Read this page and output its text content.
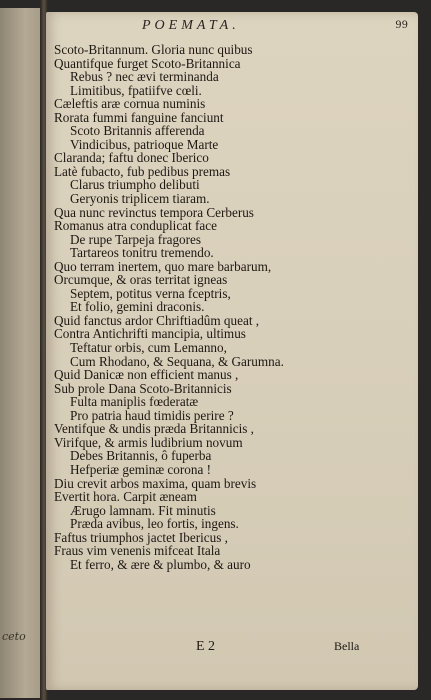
ceto
POEMATA.	99
Scoto-Britannum. Gloria nunc quibus
Quantifque furget Scoto-Britannica
Rebus ? nec ævi terminanda
Limitibus, fpatiifve cœli.
Cæleftis aræ cornua numinis
Rorata fummi fanguine fanciunt
Scoto Britannis afferenda
Vindicibus, patrioque Marte
Claranda; faftu donec Iberico
Latè fubacto, fub pedibus premas
Clarus triumpho delibuti
Geryonis triplicem tiaram.
Qua nunc revinctus tempora Cerberus
Romanus atra conduplicat face
De rupe Tarpeja fragores
Tartareos tonitru tremendo.
Quo terram inertem, quo mare barbarum,
Orcumque, & oras territat igneas
Septem, potitus verna fceptris,
Et folio, gemini draconis.
Quid fanctus ardor Chriftiadûm queat ,
Contra Antichrifti mancipia, ultimus
Teftatur orbis, cum Lemanno,
Cum Rhodano, & Sequana, & Garumna.
Quid Danicæ non efficient manus ,
Sub prole Dana Scoto-Britannicis
Fulta maniplis fœderatæ
Pro patria haud timidis perire ?
Ventifque & undis præda Britannicis ,
Virifque, & armis ludibrium novum
Debes Britannis, ô fuperba
Hefperiæ geminæ corona !
Diu crevit arbos maxima, quam brevis
Evertit hora. Carpit æneam
Ærugo lamnam. Fit minutis
Præda avibus, leo fortis, ingens.
Faftus triumphos jactet Ibericus ,
Fraus vim venenis mifceat Itala
Et ferro, & ære & plumbo, & auro
E 2	Bella
